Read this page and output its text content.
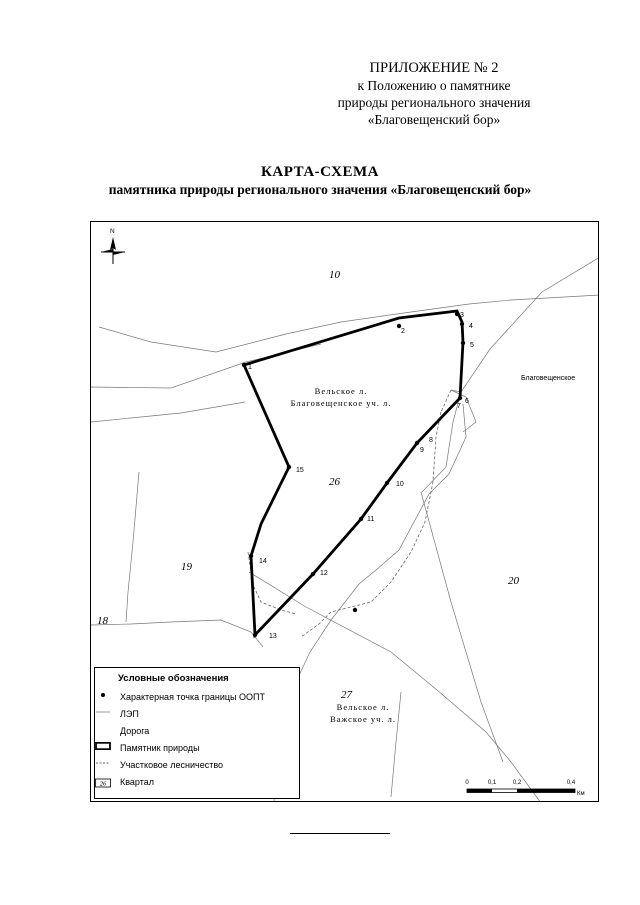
ПРИЛОЖЕНИЕ № 2
к Положению о памятнике
природы регионального значения
«Благовещенский бор»
КАРТА-СХЕМА
памятника природы регионального значения «Благовещенский бор»
1
2
3
4
5
6
7
8
9
10
11
12
13
14
15
10
26
19
18
20
27
Вельское л.
Благовещенское уч. л.
Вельское л.
Важское уч. л.
Благовещенское
N
0	0,1	0,2	0,4
Км
Условные обозначения
Характерная точка границы ООПТ
ЛЭП
Дорога
Памятник природы
Участковое лесничество
26 Квартал
